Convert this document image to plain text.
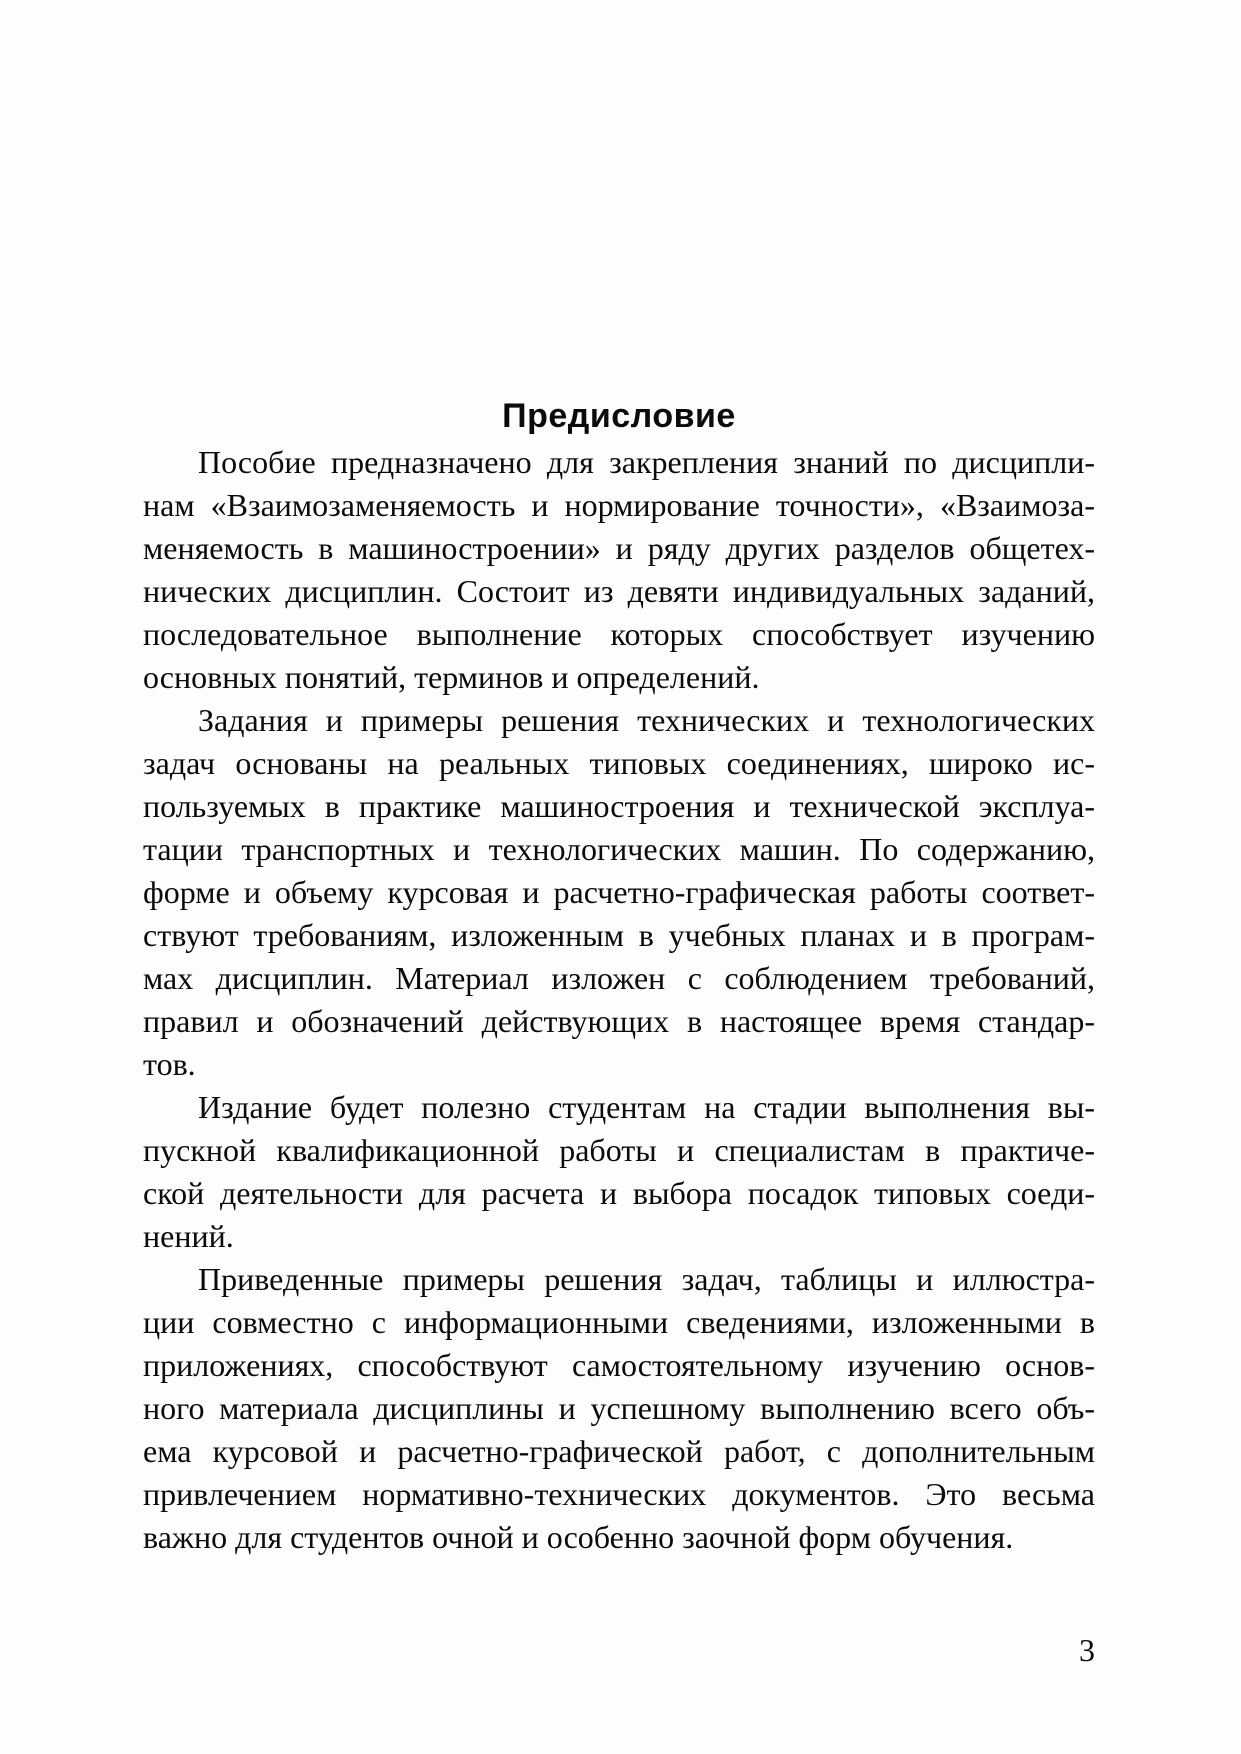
Предисловие
Пособие предназначено для закрепления знаний по дисципли-
нам «Взаимозаменяемость и нормирование точности», «Взаимоза-
меняемость в машиностроении» и ряду других разделов общетех-
нических дисциплин. Состоит из девяти индивидуальных заданий,
последовательное выполнение которых способствует изучению
основных понятий, терминов и определений.
Задания и примеры решения технических и технологических
задач основаны на реальных типовых соединениях, широко ис-
пользуемых в практике машиностроения и технической эксплуа-
тации транспортных и технологических машин. По содержанию,
форме и объему курсовая и расчетно-графическая работы соответ-
ствуют требованиям, изложенным в учебных планах и в програм-
мах дисциплин. Материал изложен с соблюдением требований,
правил и обозначений действующих в настоящее время стандар-
тов.
Издание будет полезно студентам на стадии выполнения вы-
пускной квалификационной работы и специалистам в практиче-
ской деятельности для расчета и выбора посадок типовых соеди-
нений.
Приведенные примеры решения задач, таблицы и иллюстра-
ции совместно с информационными сведениями, изложенными в
приложениях, способствуют самостоятельному изучению основ-
ного материала дисциплины и успешному выполнению всего объ-
ема курсовой и расчетно-графической работ, с дополнительным
привлечением нормативно-технических документов. Это весьма
важно для студентов очной и особенно заочной форм обучения.
3
